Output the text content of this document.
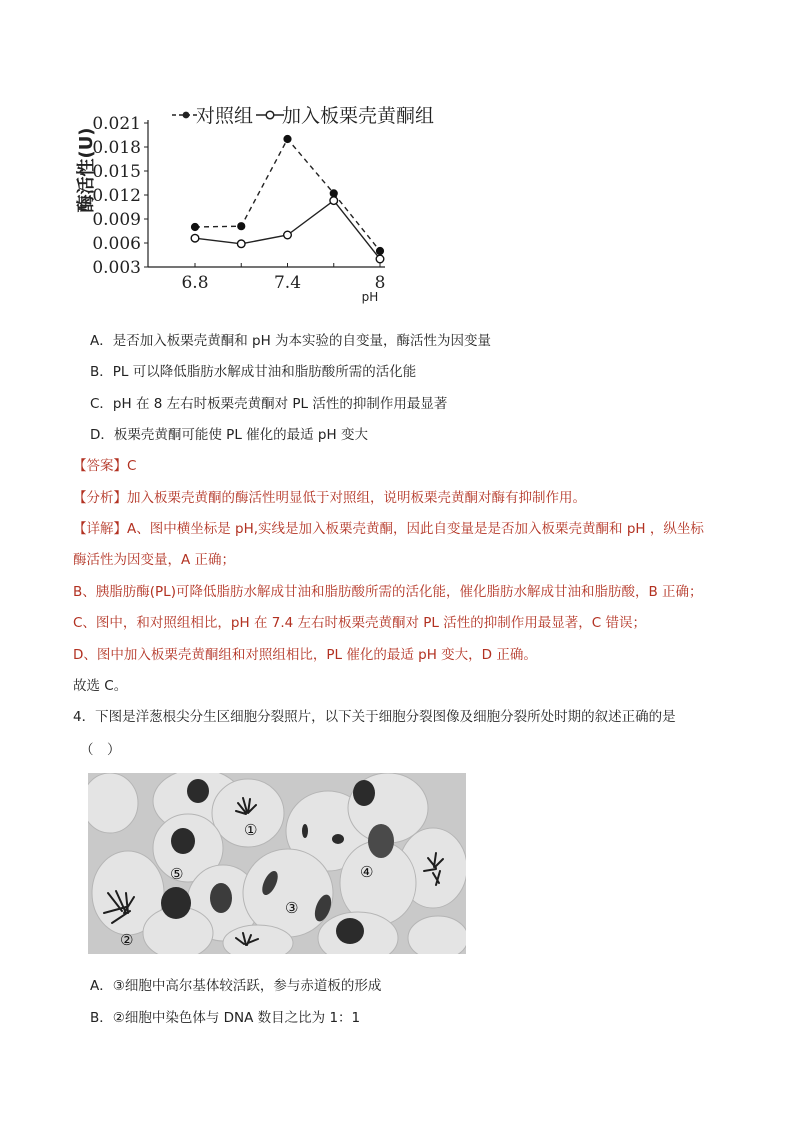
对照组 加入板栗壳黄酮组
酶活性(U)
0.021
0.018
0.015
0.012
0.009
0.006
0.003
6.8	7.4	8
pH
A．是否加入板栗壳黄酮和 pH 为本实验的自变量，酶活性为因变量
B．PL 可以降低脂肪水解成甘油和脂肪酸所需的活化能
C．pH 在 8 左右时板栗壳黄酮对 PL 活性的抑制作用最显著
D．板栗壳黄酮可能使 PL 催化的最适 pH 变大
【答案】C
【分析】加入板栗壳黄酮的酶活性明显低于对照组，说明板栗壳黄酮对酶有抑制作用。
【详解】A、图中横坐标是 pH,实线是加入板栗壳黄酮，因此自变量是是否加入板栗壳黄酮和 pH ，纵坐标
酶活性为因变量，A 正确；
B、胰脂肪酶(PL)可降低脂肪水解成甘油和脂肪酸所需的活化能，催化脂肪水解成甘油和脂肪酸，B 正确；
C、图中，和对照组相比，pH 在 7.4 左右时板栗壳黄酮对 PL 活性的抑制作用最显著，C 错误；
D、图中加入板栗壳黄酮组和对照组相比，PL 催化的最适 pH 变大，D 正确。
故选 C。
4．下图是洋葱根尖分生区细胞分裂照片，以下关于细胞分裂图像及细胞分裂所处时期的叙述正确的是
（　）
①
②
③
④
⑤
A．③细胞中高尔基体较活跃，参与赤道板的形成
B．②细胞中染色体与 DNA 数目之比为 1：1
